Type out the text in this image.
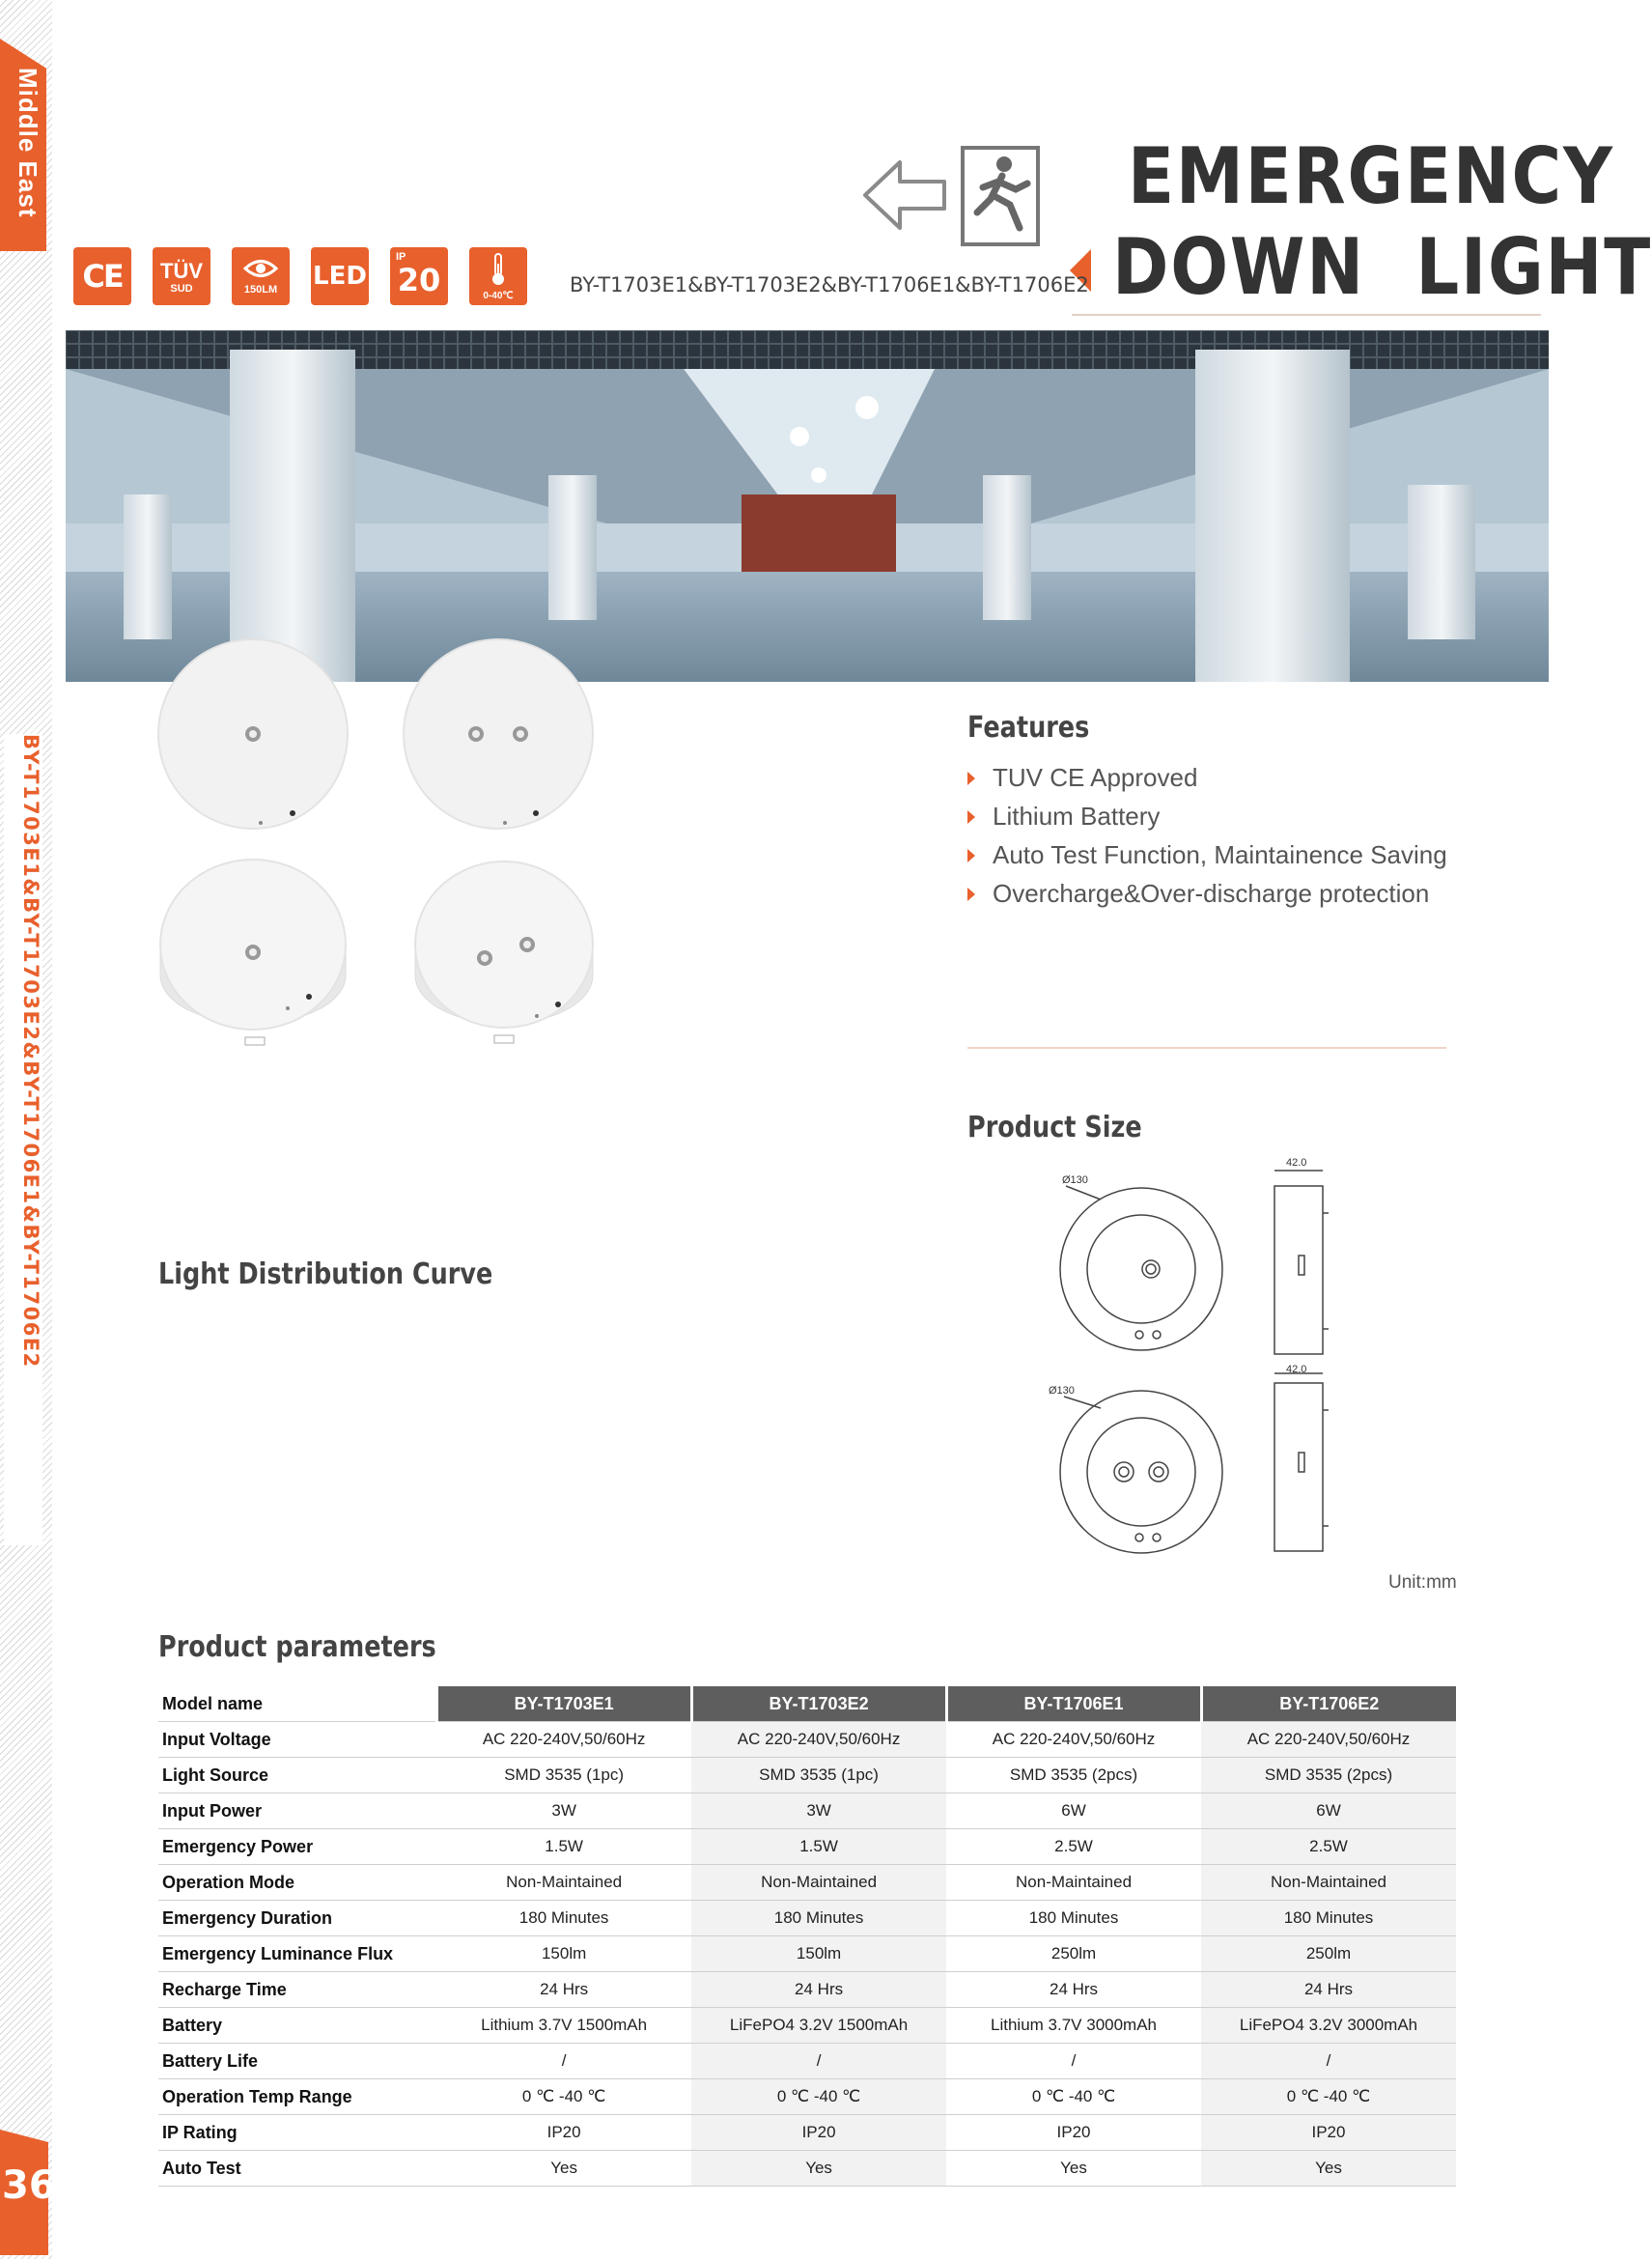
Middle East
BY-T1703E1&BY-T1703E2&BY-T1706E1&BY-T1706E2
36
EMERGENCY
DOWN  LIGHT
BY-T1703E1&BY-T1703E2&BY-T1706E1&BY-T1706E2
CE TÜV
SUD	150LM LED
IP
20	0-40℃
Features
TUV CE Approved
Lithium Battery
Auto Test Function, Maintainence Saving
Overcharge&Over-discharge protection
Product Size
Ø130
42.0
Ø130
42.0
Unit:mm
Light Distribution Curve
Product parameters
Model name	BY-T1703E1	BY-T1703E2	BY-T1706E1	BY-T1706E2
Input Voltage	AC 220-240V,50/60Hz	AC 220-240V,50/60Hz	AC 220-240V,50/60Hz	AC 220-240V,50/60Hz
Light Source	SMD 3535 (1pc)	SMD 3535 (1pc)	SMD 3535 (2pcs)	SMD 3535 (2pcs)
Input Power	3W	3W	6W	6W
Emergency Power	1.5W	1.5W	2.5W	2.5W
Operation Mode	Non-Maintained	Non-Maintained	Non-Maintained	Non-Maintained
Emergency Duration	180 Minutes	180 Minutes	180 Minutes	180 Minutes
Emergency Luminance Flux	150lm	150lm	250lm	250lm
Recharge Time	24 Hrs	24 Hrs	24 Hrs	24 Hrs
Battery	Lithium 3.7V 1500mAh	LiFePO4 3.2V 1500mAh	Lithium 3.7V 3000mAh	LiFePO4 3.2V 3000mAh
Battery Life	/	/	/	/
Operation Temp Range	0 ℃ -40 ℃	0 ℃ -40 ℃	0 ℃ -40 ℃	0 ℃ -40 ℃
IP Rating	IP20	IP20	IP20	IP20
Auto Test	Yes	Yes	Yes	Yes
